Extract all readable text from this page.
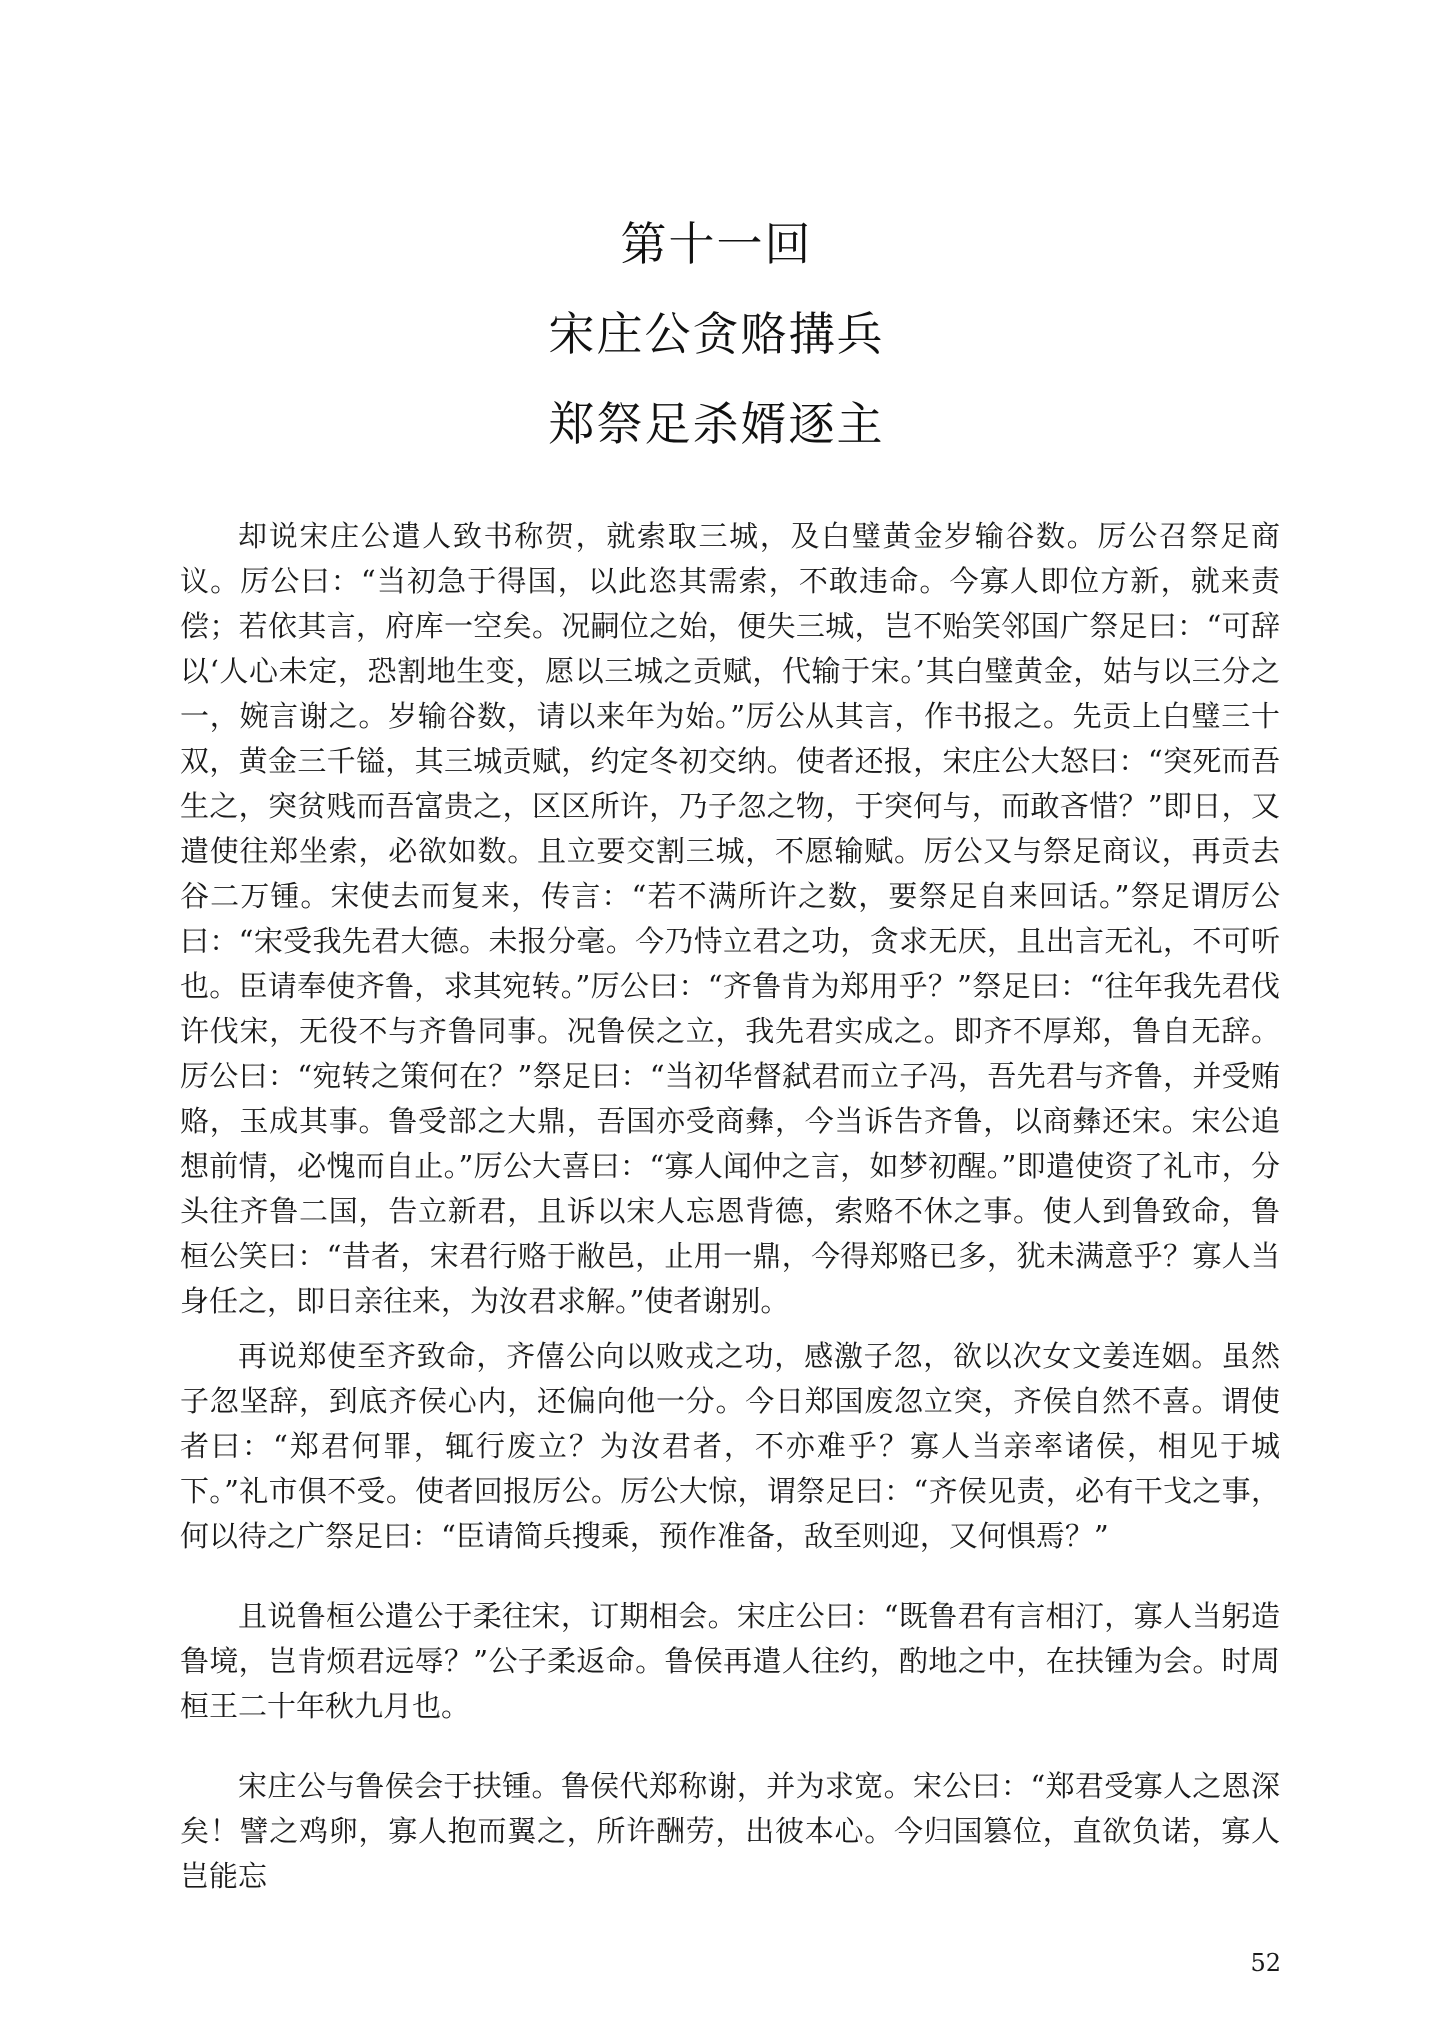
第十一回
宋庄公贪赂搆兵
郑祭足杀婿逐主

却说宋庄公遣人致书称贺，就索取三城，及白璧黄金岁输谷数。厉公召祭足商议。厉公曰：“当初急于得国，以此恣其需索，不敢违命。今寡人即位方新，就来责偿；若依其言，府库一空矣。况嗣位之始，便失三城，岂不贻笑邻国广祭足曰：“可辞以‘人心未定，恐割地生变，愿以三城之贡赋，代输于宋。’其白璧黄金，姑与以三分之一，婉言谢之。岁输谷数，请以来年为始。”厉公从其言，作书报之。先贡上白璧三十双，黄金三千镒，其三城贡赋，约定冬初交纳。使者还报，宋庄公大怒曰：“突死而吾生之，突贫贱而吾富贵之，区区所许，乃子忽之物，于突何与，而敢吝惜？”即日，又遣使往郑坐索，必欲如数。且立要交割三城，不愿输赋。厉公又与祭足商议，再贡去谷二万锺。宋使去而复来，传言：“若不满所许之数，要祭足自来回话。”祭足谓厉公曰：“宋受我先君大德。未报分毫。今乃恃立君之功，贪求无厌，且出言无礼，不可听也。臣请奉使齐鲁，求其宛转。”厉公曰：“齐鲁肯为郑用乎？”祭足曰：“往年我先君伐许伐宋，无役不与齐鲁同事。况鲁侯之立，我先君实成之。即齐不厚郑，鲁自无辞。厉公曰：“宛转之策何在？”祭足曰：“当初华督弑君而立子冯，吾先君与齐鲁，并受贿赂，玉成其事。鲁受部之大鼎，吾国亦受商彝，今当诉告齐鲁，以商彝还宋。宋公追想前情，必愧而自止。”厉公大喜曰：“寡人闻仲之言，如梦初醒。”即遣使资了礼市，分头往齐鲁二国，告立新君，且诉以宋人忘恩背德，索赂不休之事。使人到鲁致命，鲁桓公笑曰：“昔者，宋君行赂于敝邑，止用一鼎，今得郑赂已多，犹未满意乎？寡人当身任之，即日亲往来，为汝君求解。”使者谢别。

再说郑使至齐致命，齐僖公向以败戎之功，感激子忽，欲以次女文姜连姻。虽然子忽坚辞，到底齐侯心内，还偏向他一分。今日郑国废忽立突，齐侯自然不喜。谓使者曰：“郑君何罪，辄行废立？为汝君者，不亦难乎？寡人当亲率诸侯，相见于城下。”礼市俱不受。使者回报厉公。厉公大惊，谓祭足曰：“齐侯见责，必有干戈之事，何以待之广祭足曰：“臣请简兵搜乘，预作准备，敌至则迎，又何惧焉？”

且说鲁桓公遣公于柔往宋，订期相会。宋庄公曰：“既鲁君有言相汀，寡人当躬造鲁境，岂肯烦君远辱？”公子柔返命。鲁侯再遣人往约，酌地之中，在扶锺为会。时周桓王二十年秋九月也。

宋庄公与鲁侯会于扶锺。鲁侯代郑称谢，并为求宽。宋公曰：“郑君受寡人之恩深矣！譬之鸡卵，寡人抱而翼之，所许酬劳，出彼本心。今归国篡位，直欲负诺，寡人岂能忘

52
